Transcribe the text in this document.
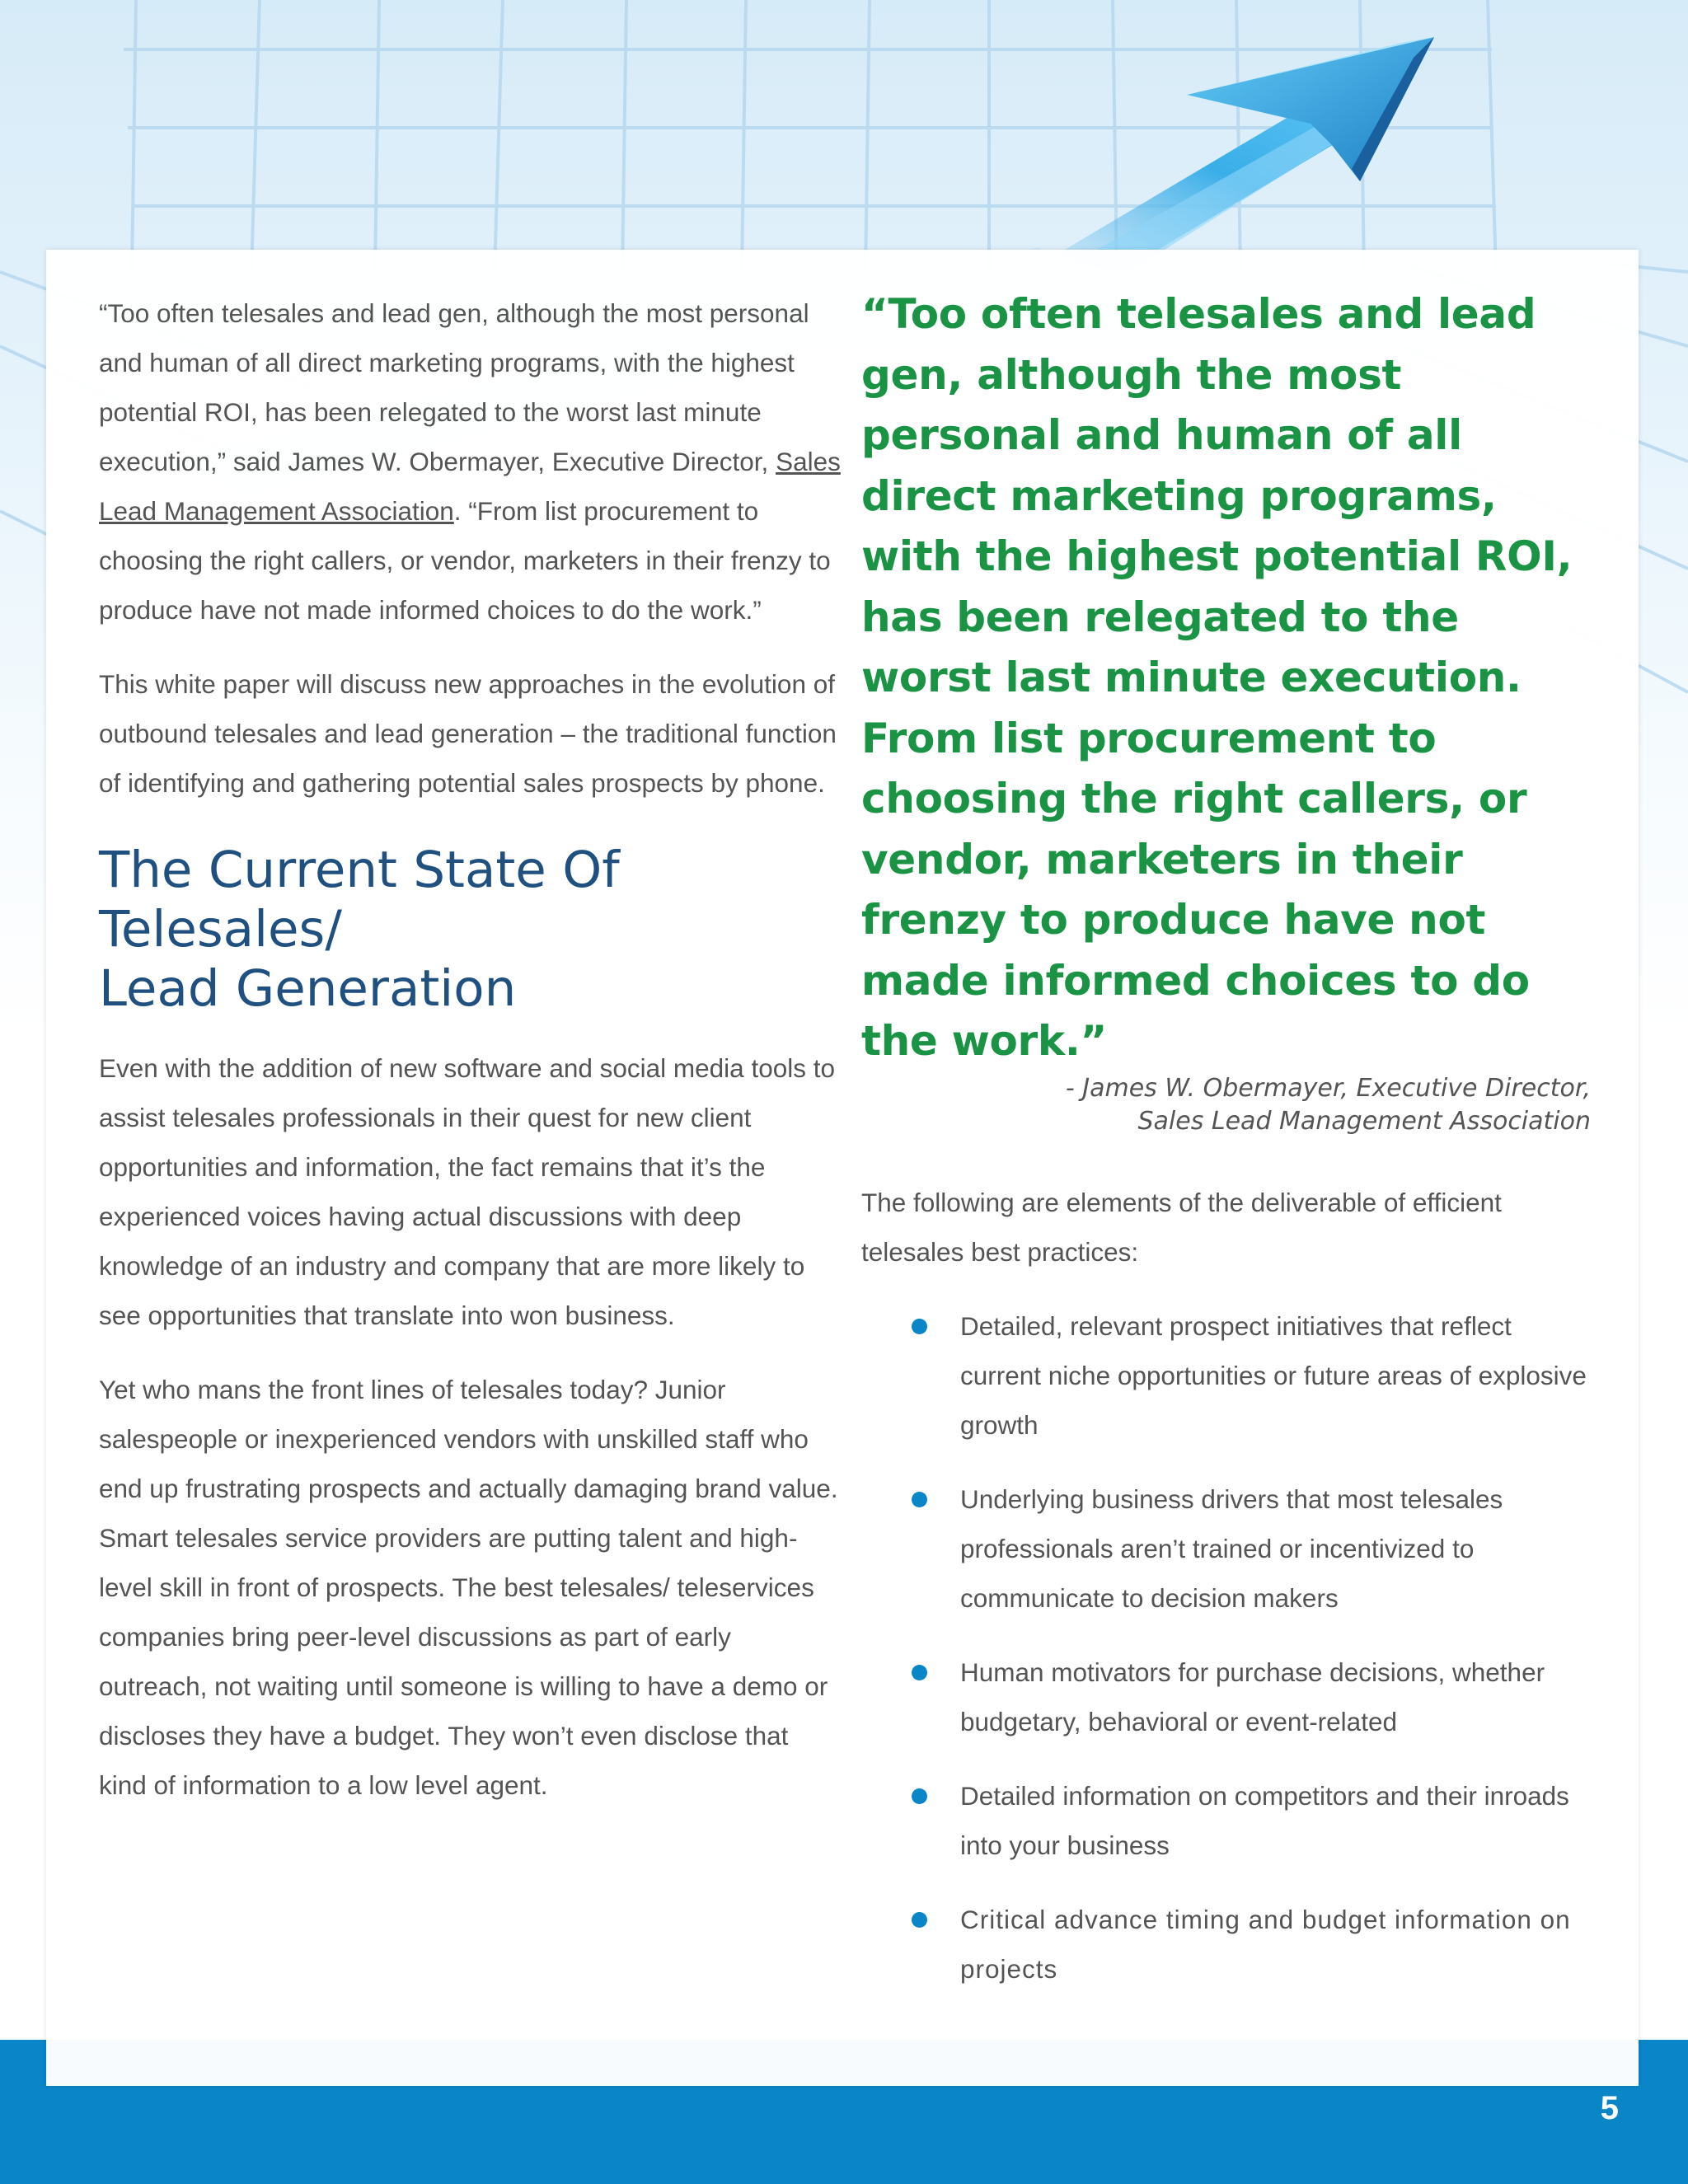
5

“Too often telesales and lead gen, although the most personal and human of all direct marketing programs, with the highest potential ROI, has been relegated to the worst last minute execution,” said James W. Obermayer, Executive Director, Sales Lead Management Association. “From list procurement to choosing the right callers, or vendor, marketers in their frenzy to produce have not made informed choices to do the work.”

This white paper will discuss new approaches in the evolution of outbound telesales and lead generation – the traditional function of identifying and gathering potential sales prospects by phone.

The Current State Of Telesales/
Lead Generation

Even with the addition of new software and social media tools to assist telesales professionals in their quest for new client opportunities and information, the fact remains that it’s the experienced voices having actual discussions with deep knowledge of an industry and company that are more likely to see opportunities that translate into won business.

Yet who mans the front lines of telesales today? Junior salespeople or inexperienced vendors with unskilled staff who end up frustrating prospects and actually damaging brand value. Smart telesales service providers are putting talent and high-level skill in front of prospects. The best telesales/ teleservices companies bring peer-level discussions as part of early outreach, not waiting until someone is willing to have a demo or discloses they have a budget. They won’t even disclose that kind of information to a low level agent.

“Too often telesales and lead gen, although the most personal and human of all direct marketing programs, with the highest potential ROI, has been relegated to the worst last minute execution. From list procurement to choosing the right callers, or vendor, marketers in their frenzy to produce have not made informed choices to do the work.”

- James W. Obermayer, Executive Director,
Sales Lead Management Association

The following are elements of the deliverable of efficient telesales best practices:

Detailed, relevant prospect initiatives that reflect current niche opportunities or future areas of explosive growth
Underlying business drivers that most telesales professionals aren’t trained or incentivized to communicate to decision makers
Human motivators for purchase decisions, whether budgetary, behavioral or event-related
Detailed information on competitors and their inroads into your business
Critical advance timing and budget information on projects
